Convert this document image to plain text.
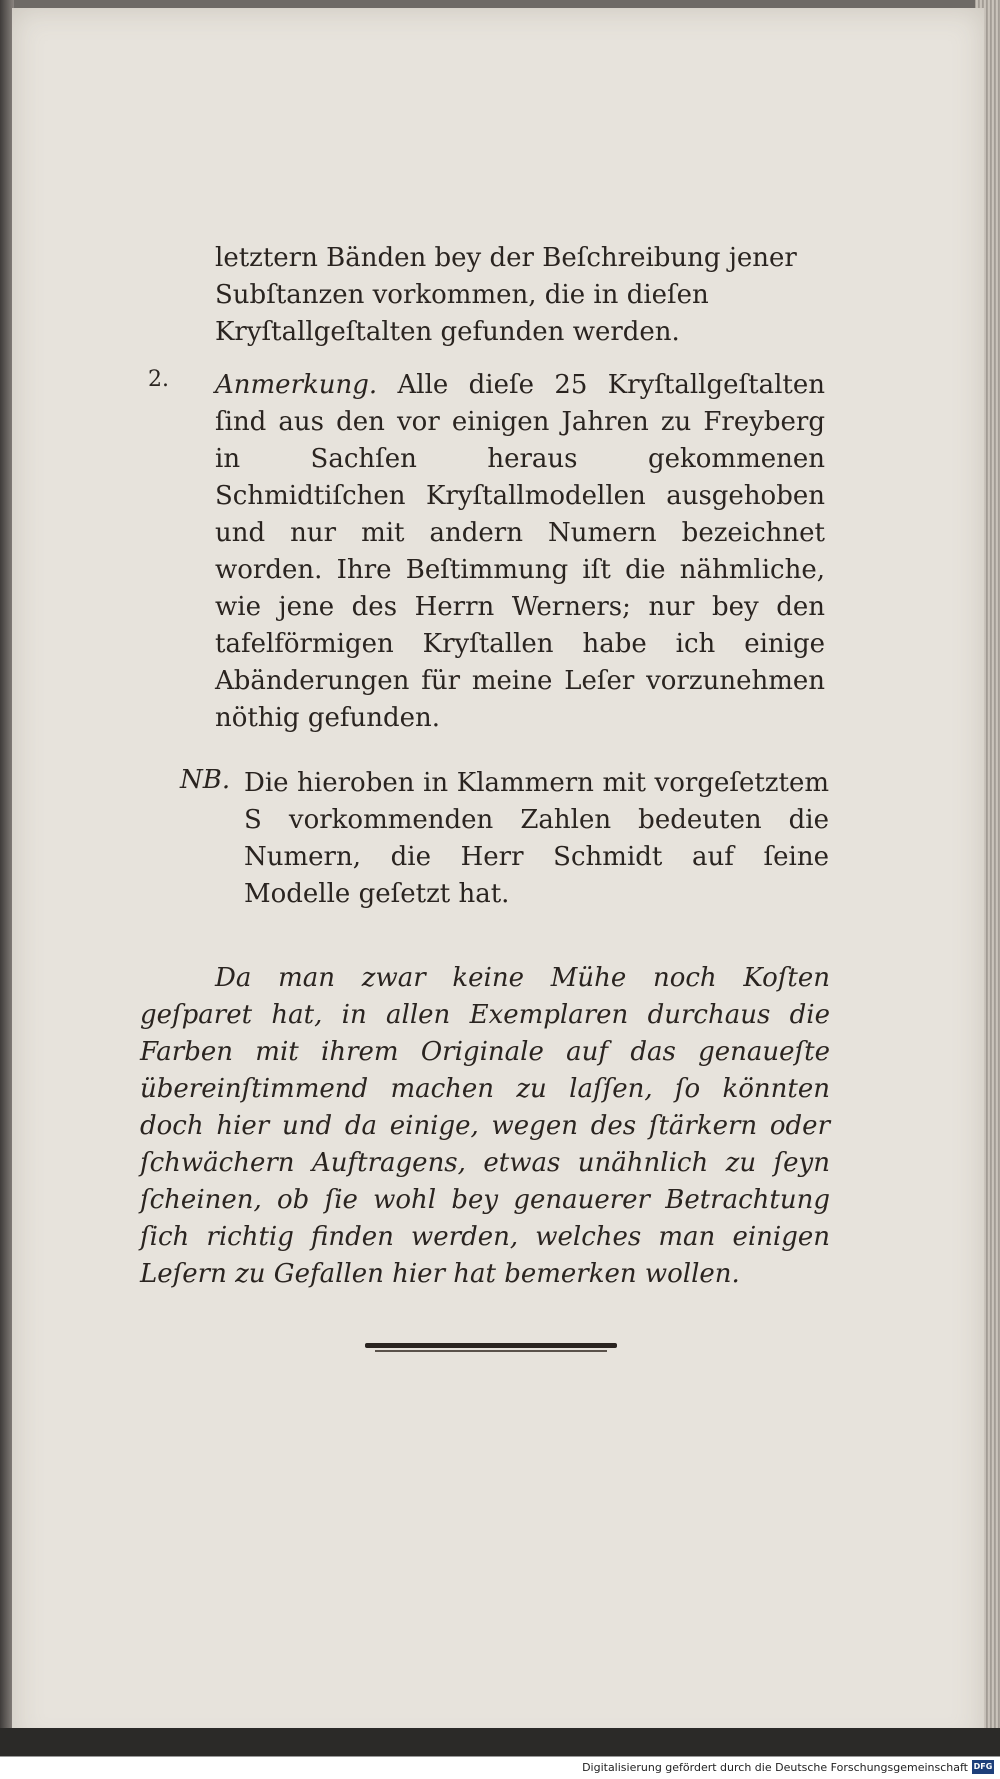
letztern Bänden bey der Beſchreibung jener Subſtanzen vorkommen, die in dieſen Kryſtallgeſtalten gefunden werden.
2. Anmerkung. Alle dieſe 25 Kryſtallgeſtalten ſind aus den vor einigen Jahren zu Freyberg in Sachſen heraus gekommenen Schmidtiſchen Kryſtallmodellen ausgehoben und nur mit andern Numern bezeichnet worden. Ihre Beſtimmung iſt die nähmliche, wie jene des Herrn Werners; nur bey den tafelförmigen Kryſtallen habe ich einige Abänderungen für meine Leſer vorzunehmen nöthig gefunden.
NB. Die hieroben in Klammern mit vorgeſetztem S vorkommenden Zahlen bedeuten die Numern, die Herr Schmidt auf ſeine Modelle geſetzt hat.
Da man zwar keine Mühe noch Koſten geſparet hat, in allen Exemplaren durchaus die Farben mit ihrem Originale auf das genaueſte übereinſtimmend machen zu laſſen, ſo könnten doch hier und da einige, wegen des ſtärkern oder ſchwächern Auftragens, etwas unähnlich zu ſeyn ſcheinen, ob ſie wohl bey genauerer Betrachtung ſich richtig finden werden, welches man einigen Leſern zu Gefallen hier hat bemerken wollen.
Digitalisierung gefördert durch die Deutsche Forschungsgemeinschaft DFG
